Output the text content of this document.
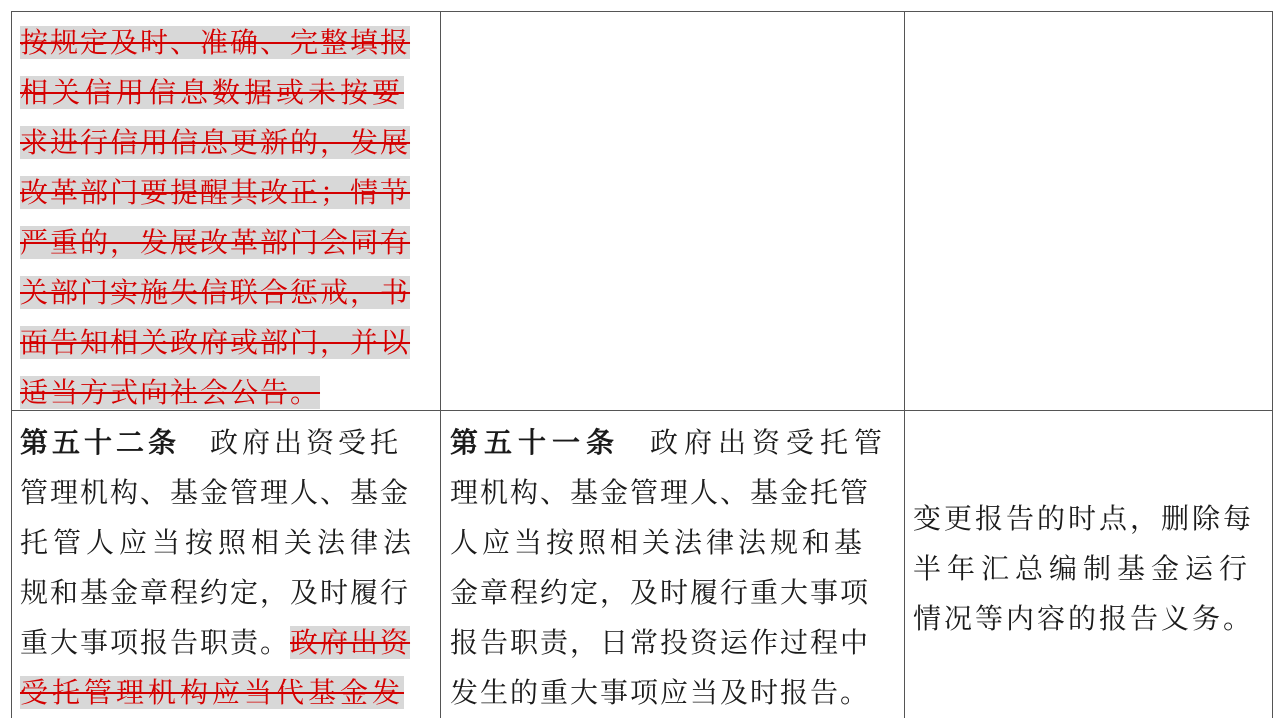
按规定及时、准确、完整填报
相关信用信息数据或未按要
求进行信用信息更新的，发展
改革部门要提醒其改正；情节
严重的，发展改革部门会同有
关部门实施失信联合惩戒，书
面告知相关政府或部门，并以
适当方式向社会公告。
第五十二条 政府出资受托
管理机构、基金管理人、基金
托管人应当按照相关法律法
规和基金章程约定，及时履行
重大事项报告职责。政府出资
受托管理机构应当代基金发
第五十一条 政府出资受托管
理机构、基金管理人、基金托管
人应当按照相关法律法规和基
金章程约定，及时履行重大事项
报告职责，日常投资运作过程中
发生的重大事项应当及时报告。
变更报告的时点，删除每
半年汇总编制基金运行
情况等内容的报告义务。
